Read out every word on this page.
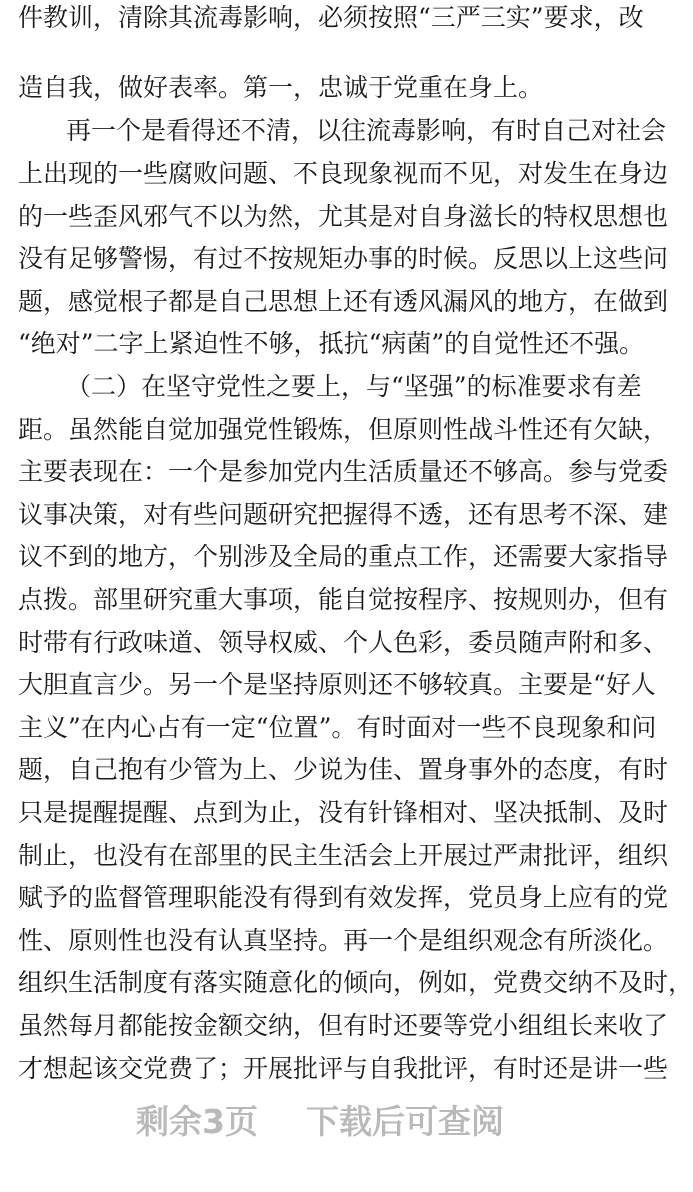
件教训，清除其流毒影响，必须按照“三严三实”要求，改
造自我，做好表率。第一，忠诚于党重在身上。
再一个是看得还不清，以往流毒影响，有时自己对社会
上出现的一些腐败问题、不良现象视而不见，对发生在身边
的一些歪风邪气不以为然，尤其是对自身滋长的特权思想也
没有足够警惕，有过不按规矩办事的时候。反思以上这些问
题，感觉根子都是自己思想上还有透风漏风的地方，在做到
“绝对”二字上紧迫性不够，抵抗“病菌”的自觉性还不强。
（二）在坚守党性之要上，与“坚强”的标准要求有差
距。虽然能自觉加强党性锻炼，但原则性战斗性还有欠缺，
主要表现在：一个是参加党内生活质量还不够高。参与党委
议事决策，对有些问题研究把握得不透，还有思考不深、建
议不到的地方，个别涉及全局的重点工作，还需要大家指导
点拨。部里研究重大事项，能自觉按程序、按规则办，但有
时带有行政味道、领导权威、个人色彩，委员随声附和多、
大胆直言少。另一个是坚持原则还不够较真。主要是“好人
主义”在内心占有一定“位置”。有时面对一些不良现象和问
题，自己抱有少管为上、少说为佳、置身事外的态度，有时
只是提醒提醒、点到为止，没有针锋相对、坚决抵制、及时
制止，也没有在部里的民主生活会上开展过严肃批评，组织
赋予的监督管理职能没有得到有效发挥，党员身上应有的党
性、原则性也没有认真坚持。再一个是组织观念有所淡化。
组织生活制度有落实随意化的倾向，例如，党费交纳不及时，
虽然每月都能按金额交纳，但有时还要等党小组组长来收了
才想起该交党费了；开展批评与自我批评，有时还是讲一些
剩余3页 下载后可查阅
